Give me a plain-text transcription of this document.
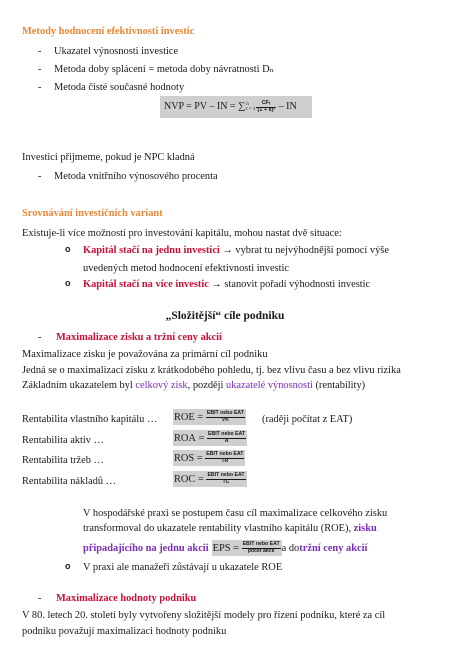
Metody hodnocení efektivnosti investic
- Ukazatel výnosnosti investice
- Metoda doby splácení = metoda doby návratnosti Dₙ
- Metoda čisté současné hodnoty
NVP = PV – IN = ∑ n
$t = 1 \frac{\text{CFₜ}}{\text{(1 + k)ᵗ}}$ – IN
Investici přijmeme, pokud je NPC kladná
- Metoda vnitřního výnosového procenta
Srovnávání investičních variant
Existuje-li více možností pro investování kapitálu, mohou nastat dvě situace:
o Kapitál stačí na jednu investici → vybrat tu nejvýhodnější pomocí výše
uvedených metod hodnocení efektivnosti investic
o Kapitál stačí na více investic → stanovit pořadí výhodnosti investic
„Složitější“ cíle podniku
- Maximalizace zisku a tržní ceny akcií
Maximalizace zisku je považována za primární cíl podniku
Jedná se o maximalizací zisku z krátkodobého pohledu, tj. bez vlivu času a bez vlivu rizika
Základním ukazatelem byl celkový zisk, později ukazatelé výnosnosti (rentability)
Rentabilita vlastního kapitálu … ROE = $\frac{\text{EBIT nebo EAT}}{VK}$ (raději počítat z EAT)
Rentabilita aktiv …	ROA = $\frac{\text{EBIT nebo EAT}}{A}$
Rentabilita tržeb …	ROS = $\frac{\text{EBIT nebo EAT}}{TR}$
Rentabilita nákladů …	ROC = $\frac{\text{EBIT nebo EAT}}{TC}$
V hospodářské praxi se postupem času cíl maximalizace celkového zisku
transformoval do ukazatele rentability vlastního kapitálu (ROE), zisku
připadajícího na jednu akcii EPS = $\frac{\text{EBIT nebo EAT}}{\text{počet akcií}}$ a do tržní ceny akcií
o V praxi ale manažeři zůstávají u ukazatele ROE
- Maximalizace hodnoty podniku
V 80. letech 20. století byly vytvořeny složitější modely pro řízení podniku, které za cíl
podniku považují maximalizaci hodnoty podniku
